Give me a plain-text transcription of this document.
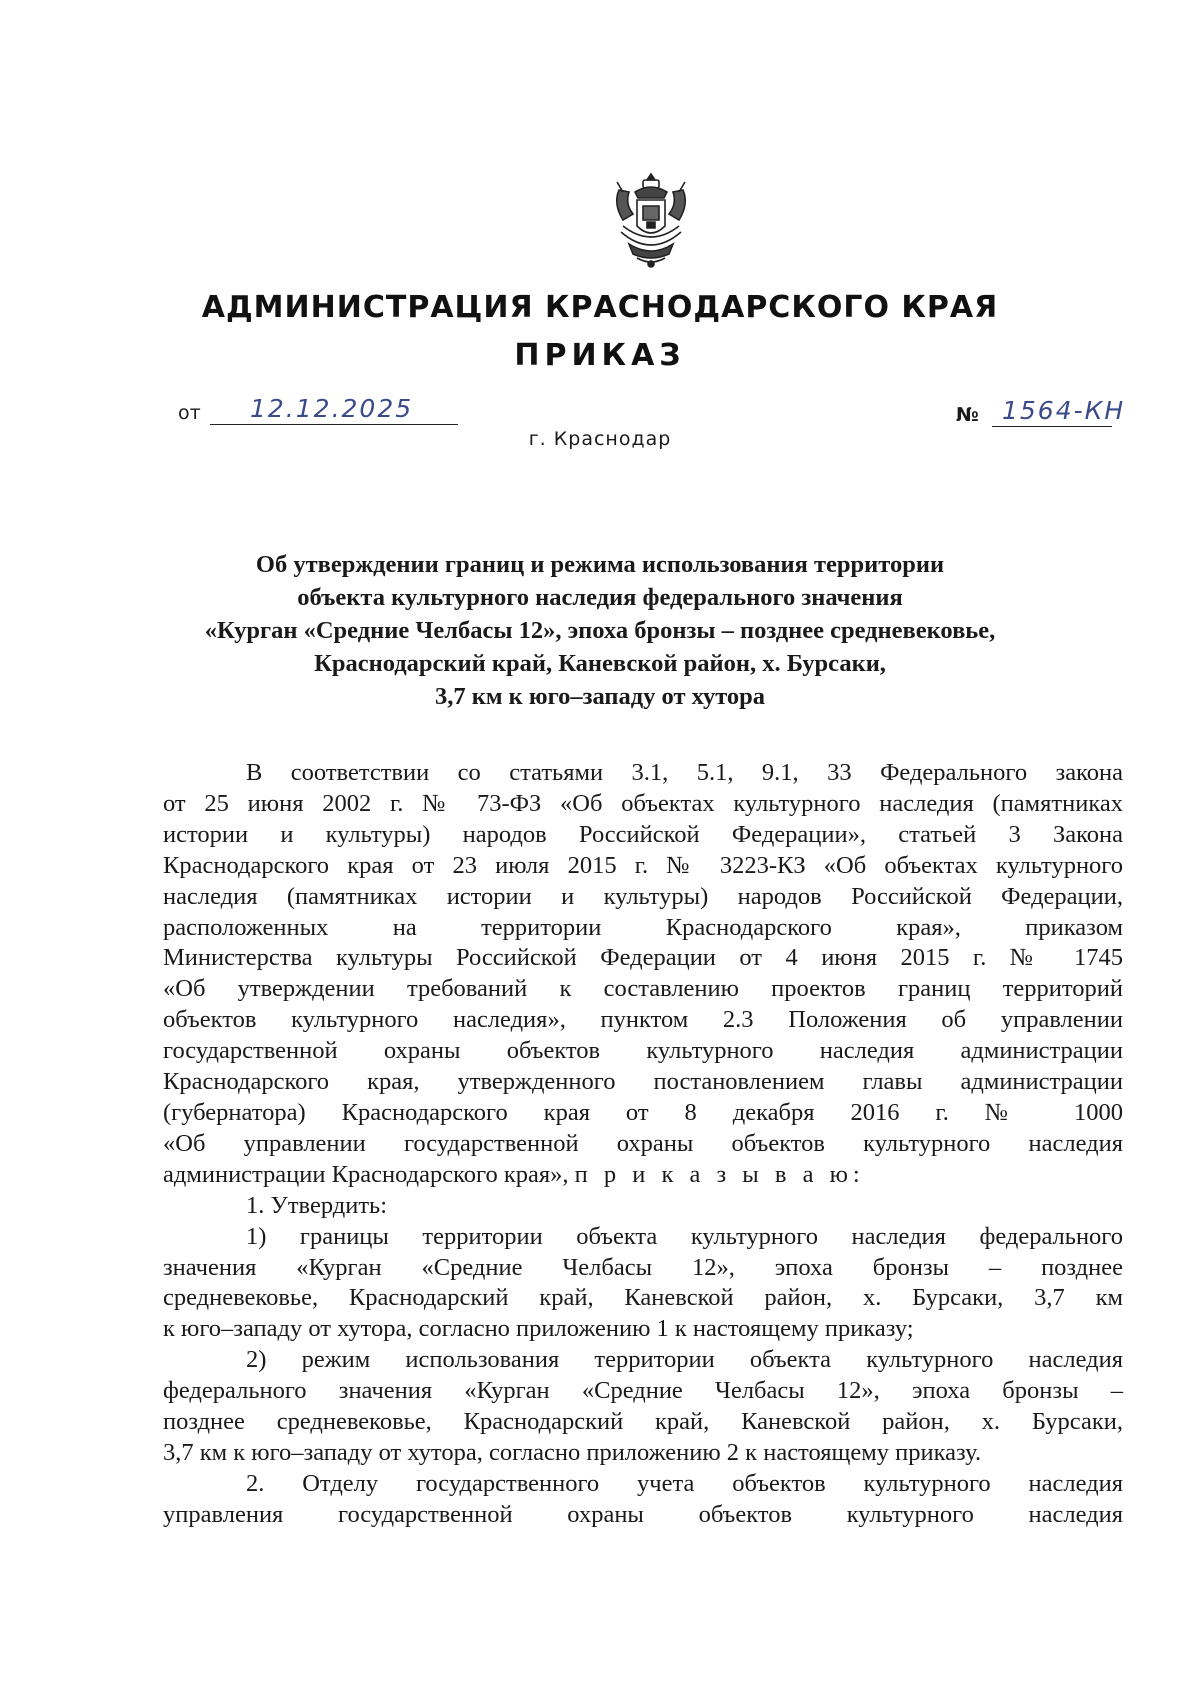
АДМИНИСТРАЦИЯ КРАСНОДАРСКОГО КРАЯ
ПРИКАЗ
от 12.12.2025
г. Краснодар
№ 1564-КН
Об утверждении границ и режима использования территории
объекта культурного наследия федерального значения
«Курган «Средние Челбасы 12», эпоха бронзы – позднее средневековье,
Краснодарский край, Каневской район, х. Бурсаки,
3,7 км к юго–западу от хутора
В соответствии со статьями 3.1, 5.1, 9.1, 33 Федерального закона
от 25 июня 2002 г. № 73-ФЗ «Об объектах культурного наследия (памятниках
истории и культуры) народов Российской Федерации», статьей 3 Закона
Краснодарского края от 23 июля 2015 г. № 3223-КЗ «Об объектах культурного
наследия (памятниках истории и культуры) народов Российской Федерации,
расположенных на территории Краснодарского края», приказом
Министерства культуры Российской Федерации от 4 июня 2015 г. № 1745
«Об утверждении требований к составлению проектов границ территорий
объектов культурного наследия», пунктом 2.3 Положения об управлении
государственной охраны объектов культурного наследия администрации
Краснодарского края, утвержденного постановлением главы администрации
(губернатора) Краснодарского края от 8 декабря 2016 г. № 1000
«Об управлении государственной охраны объектов культурного наследия
администрации Краснодарского края», п р и к а з ы в а ю:
1. Утвердить:
1) границы территории объекта культурного наследия федерального
значения «Курган «Средние Челбасы 12», эпоха бронзы – позднее
средневековье, Краснодарский край, Каневской район, х. Бурсаки, 3,7 км
к юго–западу от хутора, согласно приложению 1 к настоящему приказу;
2) режим использования территории объекта культурного наследия
федерального значения «Курган «Средние Челбасы 12», эпоха бронзы –
позднее средневековье, Краснодарский край, Каневской район, х. Бурсаки,
3,7 км к юго–западу от хутора, согласно приложению 2 к настоящему приказу.
2. Отделу государственного учета объектов культурного наследия
управления государственной охраны объектов культурного наследия
